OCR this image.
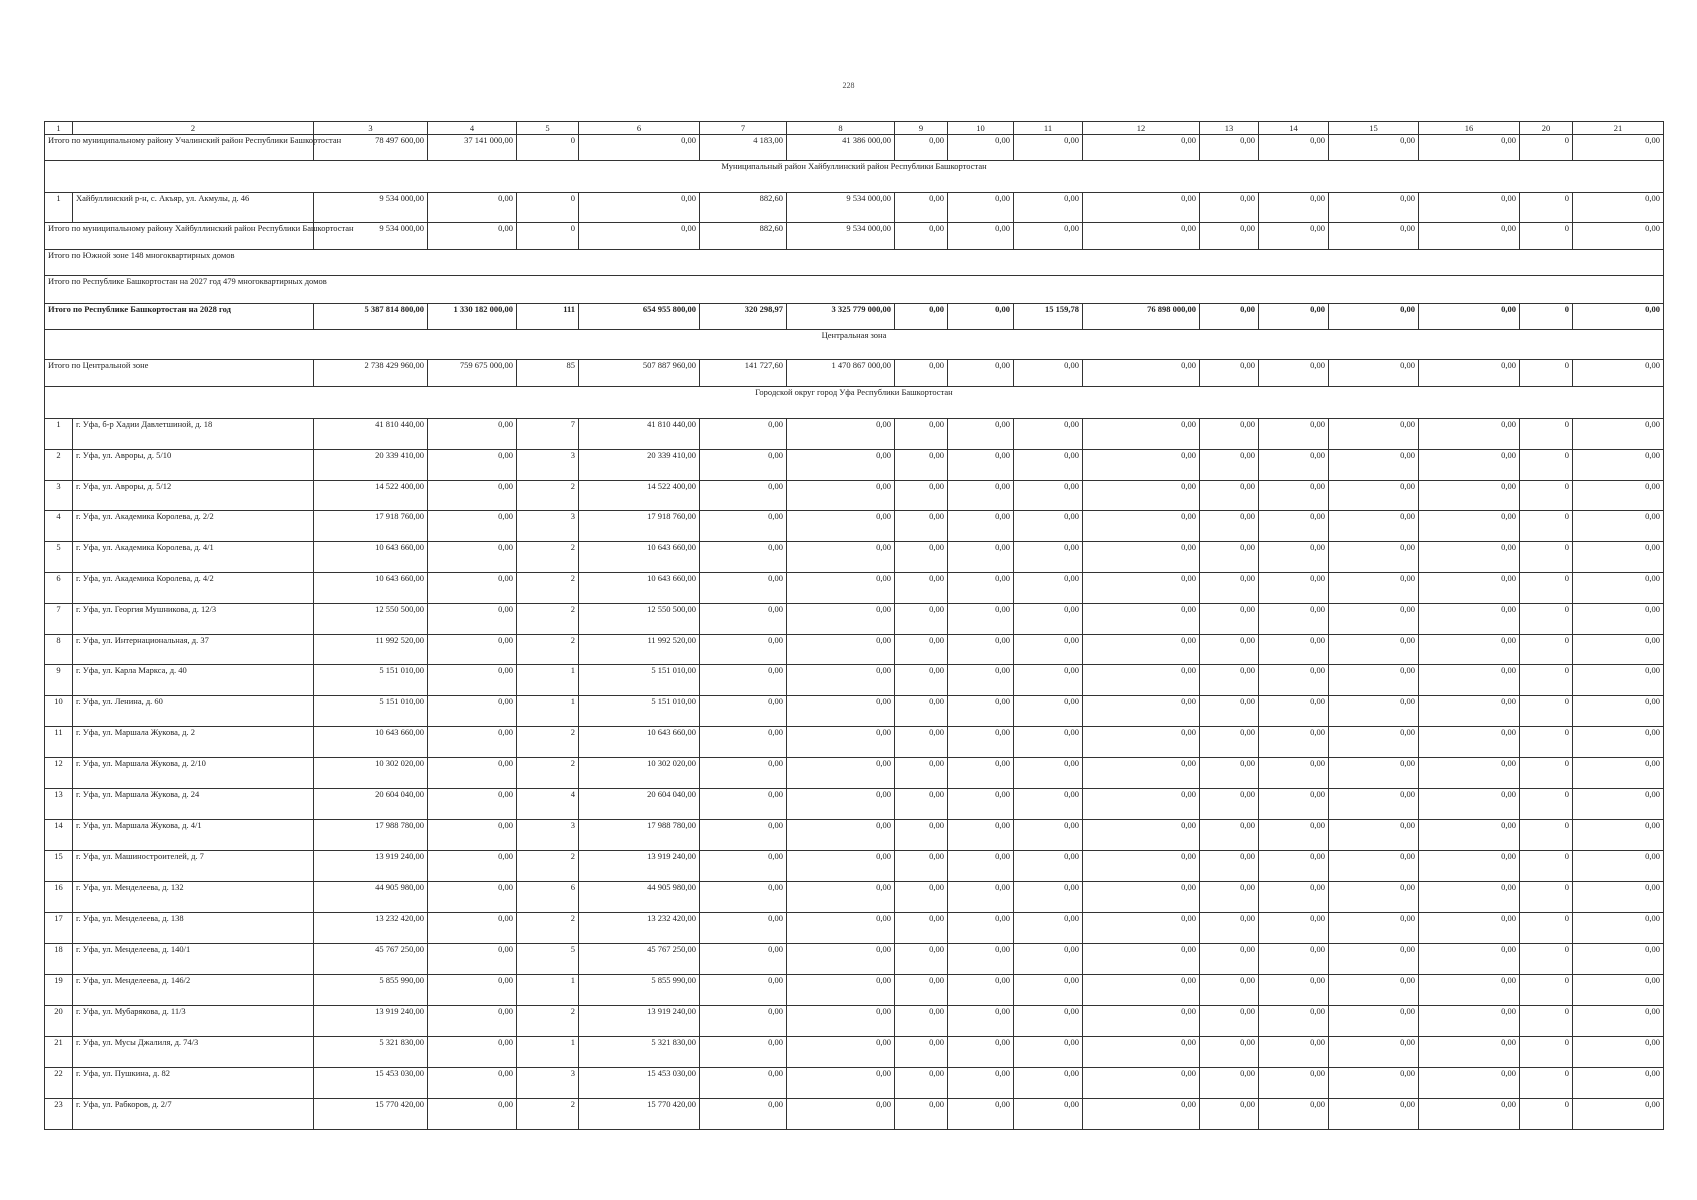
228
1	2	3	4	5	6	7	8	9	10	11	12	13	14	15	16	20	21
Итого по муниципальному району Учалинский район Республики Башкортостан		78 497 600,00	37 141 000,00	0	0,00	4 183,00	41 386 000,00	0,00	0,00	0,00	0,00	0,00	0,00	0,00	0,00	0	0,00
Муниципальный район Хайбуллинский район Республики Башкортостан																	
1	Хайбуллинский р-н, с. Акъяр, ул. Акмулы, д. 46	9 534 000,00	0,00	0	0,00	882,60	9 534 000,00	0,00	0,00	0,00	0,00	0,00	0,00	0,00	0,00	0	0,00
Итого по муниципальному району Хайбуллинский район Республики Башкортостан		9 534 000,00	0,00	0	0,00	882,60	9 534 000,00	0,00	0,00	0,00	0,00	0,00	0,00	0,00	0,00	0	0,00
Итого по Южной зоне 148 многоквартирных домов																	
Итого по Республике Башкортостан на 2027 год 479 многоквартирных домов																	
Итого по Республике Башкортостан на 2028 год		5 387 814 800,00	1 330 182 000,00	111	654 955 800,00	320 298,97	3 325 779 000,00	0,00	0,00	15 159,78	76 898 000,00	0,00	0,00	0,00	0,00	0	0,00
Центральная зона																	
Итого по Центральной зоне		2 738 429 960,00	759 675 000,00	85	507 887 960,00	141 727,60	1 470 867 000,00	0,00	0,00	0,00	0,00	0,00	0,00	0,00	0,00	0	0,00
Городской округ город Уфа Республики Башкортостан																	
1	г. Уфа, б-р Хадии Давлетшиной, д. 18	41 810 440,00	0,00	7	41 810 440,00	0,00	0,00	0,00	0,00	0,00	0,00	0,00	0,00	0,00	0,00	0	0,00
2	г. Уфа, ул. Авроры, д. 5/10	20 339 410,00	0,00	3	20 339 410,00	0,00	0,00	0,00	0,00	0,00	0,00	0,00	0,00	0,00	0,00	0	0,00
3	г. Уфа, ул. Авроры, д. 5/12	14 522 400,00	0,00	2	14 522 400,00	0,00	0,00	0,00	0,00	0,00	0,00	0,00	0,00	0,00	0,00	0	0,00
4	г. Уфа, ул. Академика Королева, д. 2/2	17 918 760,00	0,00	3	17 918 760,00	0,00	0,00	0,00	0,00	0,00	0,00	0,00	0,00	0,00	0,00	0	0,00
5	г. Уфа, ул. Академика Королева, д. 4/1	10 643 660,00	0,00	2	10 643 660,00	0,00	0,00	0,00	0,00	0,00	0,00	0,00	0,00	0,00	0,00	0	0,00
6	г. Уфа, ул. Академика Королева, д. 4/2	10 643 660,00	0,00	2	10 643 660,00	0,00	0,00	0,00	0,00	0,00	0,00	0,00	0,00	0,00	0,00	0	0,00
7	г. Уфа, ул. Георгия Мушникова, д. 12/3	12 550 500,00	0,00	2	12 550 500,00	0,00	0,00	0,00	0,00	0,00	0,00	0,00	0,00	0,00	0,00	0	0,00
8	г. Уфа, ул. Интернациональная, д. 37	11 992 520,00	0,00	2	11 992 520,00	0,00	0,00	0,00	0,00	0,00	0,00	0,00	0,00	0,00	0,00	0	0,00
9	г. Уфа, ул. Карла Маркса, д. 40	5 151 010,00	0,00	1	5 151 010,00	0,00	0,00	0,00	0,00	0,00	0,00	0,00	0,00	0,00	0,00	0	0,00
10	г. Уфа, ул. Ленина, д. 60	5 151 010,00	0,00	1	5 151 010,00	0,00	0,00	0,00	0,00	0,00	0,00	0,00	0,00	0,00	0,00	0	0,00
11	г. Уфа, ул. Маршала Жукова, д. 2	10 643 660,00	0,00	2	10 643 660,00	0,00	0,00	0,00	0,00	0,00	0,00	0,00	0,00	0,00	0,00	0	0,00
12	г. Уфа, ул. Маршала Жукова, д. 2/10	10 302 020,00	0,00	2	10 302 020,00	0,00	0,00	0,00	0,00	0,00	0,00	0,00	0,00	0,00	0,00	0	0,00
13	г. Уфа, ул. Маршала Жукова, д. 24	20 604 040,00	0,00	4	20 604 040,00	0,00	0,00	0,00	0,00	0,00	0,00	0,00	0,00	0,00	0,00	0	0,00
14	г. Уфа, ул. Маршала Жукова, д. 4/1	17 988 780,00	0,00	3	17 988 780,00	0,00	0,00	0,00	0,00	0,00	0,00	0,00	0,00	0,00	0,00	0	0,00
15	г. Уфа, ул. Машиностроителей, д. 7	13 919 240,00	0,00	2	13 919 240,00	0,00	0,00	0,00	0,00	0,00	0,00	0,00	0,00	0,00	0,00	0	0,00
16	г. Уфа, ул. Менделеева, д. 132	44 905 980,00	0,00	6	44 905 980,00	0,00	0,00	0,00	0,00	0,00	0,00	0,00	0,00	0,00	0,00	0	0,00
17	г. Уфа, ул. Менделеева, д. 138	13 232 420,00	0,00	2	13 232 420,00	0,00	0,00	0,00	0,00	0,00	0,00	0,00	0,00	0,00	0,00	0	0,00
18	г. Уфа, ул. Менделеева, д. 140/1	45 767 250,00	0,00	5	45 767 250,00	0,00	0,00	0,00	0,00	0,00	0,00	0,00	0,00	0,00	0,00	0	0,00
19	г. Уфа, ул. Менделеева, д. 146/2	5 855 990,00	0,00	1	5 855 990,00	0,00	0,00	0,00	0,00	0,00	0,00	0,00	0,00	0,00	0,00	0	0,00
20	г. Уфа, ул. Мубарякова, д. 11/3	13 919 240,00	0,00	2	13 919 240,00	0,00	0,00	0,00	0,00	0,00	0,00	0,00	0,00	0,00	0,00	0	0,00
21	г. Уфа, ул. Мусы Джалиля, д. 74/3	5 321 830,00	0,00	1	5 321 830,00	0,00	0,00	0,00	0,00	0,00	0,00	0,00	0,00	0,00	0,00	0	0,00
22	г. Уфа, ул. Пушкина, д. 82	15 453 030,00	0,00	3	15 453 030,00	0,00	0,00	0,00	0,00	0,00	0,00	0,00	0,00	0,00	0,00	0	0,00
23	г. Уфа, ул. Рабкоров, д. 2/7	15 770 420,00	0,00	2	15 770 420,00	0,00	0,00	0,00	0,00	0,00	0,00	0,00	0,00	0,00	0,00	0	0,00
